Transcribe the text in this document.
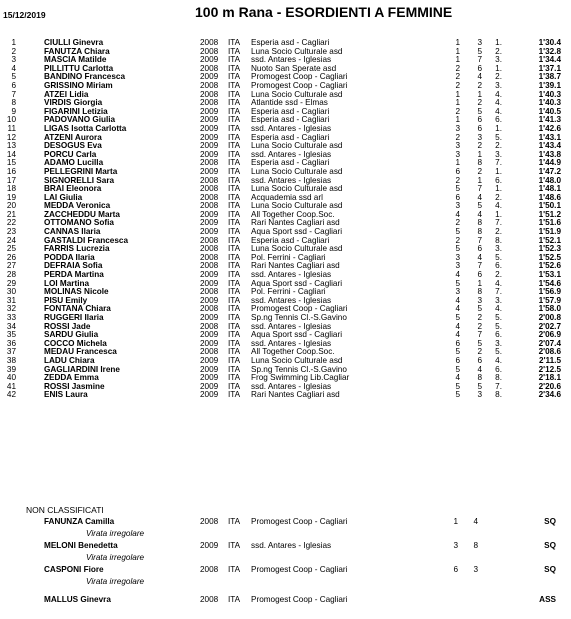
15/12/2019	100 m Rana - ESORDIENTI A FEMMINE
1	CIULLI Ginevra	2008 ITA Esperia asd - Cagliari	1	3	1.	1'30.4
2	FANUTZA Chiara	2008 ITA Luna Socio Culturale asd	1	5	2.	1'32.8
3	MASCIA Matilde	2009 ITA ssd. Antares - Iglesias	1	7	3.	1'34.4
4	PILLITTU Carlotta	2008 ITA Nuoto San Sperate asd	2	6	1.	1'37.1
5	BANDINO Francesca	2009 ITA Promogest Coop - Cagliari	2	4	2.	1'38.7
6	GRISSINO Miriam	2008 ITA Promogest Coop - Cagliari	2	2	3.	1'39.1
7	ATZEI Lidia	2008 ITA Luna Socio Culturale asd	1	1	4.	1'40.3
8	VIRDIS Giorgia	2008 ITA Atlantide ssd - Elmas	1	2	4.	1'40.3
9	FIGARINI Letizia	2009 ITA Esperia asd - Cagliari	2	5	4.	1'40.5
10	PADOVANO Giulia	2009 ITA Esperia asd - Cagliari	1	6	6.	1'41.3
11	LIGAS Isotta Carlotta	2009 ITA ssd. Antares - Iglesias	3	6	1.	1'42.6
12	ATZENI Aurora	2009 ITA Esperia asd - Cagliari	2	3	5.	1'43.1
13	DESOGUS Eva	2009 ITA Luna Socio Culturale asd	3	2	2.	1'43.4
14	PORCU Carla	2009 ITA ssd. Antares - Iglesias	3	1	3.	1'43.8
15	ADAMO Lucilla	2008 ITA Esperia asd - Cagliari	1	8	7.	1'44.9
16	PELLEGRINI Marta	2009 ITA Luna Socio Culturale asd	6	2	1.	1'47.2
17	SIGNORELLI Sara	2008 ITA ssd. Antares - Iglesias	2	1	6.	1'48.0
18	BRAI Eleonora	2008 ITA Luna Socio Culturale asd	5	7	1.	1'48.1
19	LAI Giulia	2008 ITA Acquademia ssd arl	6	4	2.	1'48.6
20	MEDDA Veronica	2008 ITA Luna Socio Culturale asd	3	5	4.	1'50.1
21	ZACCHEDDU Marta	2009 ITA All Together Coop.Soc.	4	4	1.	1'51.2
22	OTTOMANO Sofia	2009 ITA Rari Nantes Cagliari asd	2	8	7.	1'51.6
23	CANNAS Ilaria	2009 ITA Aqua Sport ssd - Cagliari	5	8	2.	1'51.9
24	GASTALDI Francesca	2008 ITA Esperia asd - Cagliari	2	7	8.	1'52.1
25	FARRIS Lucrezia	2008 ITA Luna Socio Culturale asd	5	6	3.	1'52.3
26	PODDA Ilaria	2008 ITA Pol. Ferrini - Cagliari	3	4	5.	1'52.5
27	DEFRAIA Sofia	2008 ITA Rari Nantes Cagliari asd	3	7	6.	1'52.6
28	PERDA Martina	2009 ITA ssd. Antares - Iglesias	4	6	2.	1'53.1
29	LOI Martina	2009 ITA Aqua Sport ssd - Cagliari	5	1	4.	1'54.6
30	MOLINAS Nicole	2008 ITA Pol. Ferrini - Cagliari	3	8	7.	1'56.9
31	PISU Emily	2009 ITA ssd. Antares - Iglesias	4	3	3.	1'57.9
32	FONTANA Chiara	2008 ITA Promogest Coop - Cagliari	4	5	4.	1'58.0
33	RUGGERI Ilaria	2009 ITA Sp.ng Tennis Cl.-S.Gavino	5	2	5.	2'00.8
34	ROSSI Jade	2008 ITA ssd. Antares - Iglesias	4	2	5.	2'02.7
35	SARDU Giulia	2009 ITA Aqua Sport ssd - Cagliari	4	7	6.	2'06.9
36	COCCO Michela	2009 ITA ssd. Antares - Iglesias	6	5	3.	2'07.4
37	MEDAU Francesca	2008 ITA All Together Coop.Soc.	5	2	5.	2'08.6
38	LADU Chiara	2009 ITA Luna Socio Culturale asd	6	6	4.	2'11.5
39	GAGLIARDINI Irene	2009 ITA Sp.ng Tennis Cl.-S.Gavino	5	4	6.	2'12.5
40	ZEDDA Emma	2009 ITA Frog Swimming Lib.Cagliar	4	8	8.	2'18.1
41	ROSSI Jasmine	2009 ITA ssd. Antares - Iglesias	5	5	7.	2'20.6
42	ENIS Laura	2009 ITA Rari Nantes Cagliari asd	5	3	8.	2'34.6
NON CLASSIFICATI
FANUNZA Camilla	2008 ITA Promogest Coop - Cagliari	1	4	SQ
Virata irregolare
MELONI Benedetta	2009 ITA ssd. Antares - Iglesias	3	8	SQ
Virata irregolare
CASPONI Fiore	2008 ITA Promogest Coop - Cagliari	6	3	SQ
Virata irregolare
MALLUS Ginevra	2008 ITA Promogest Coop - Cagliari	ASS
